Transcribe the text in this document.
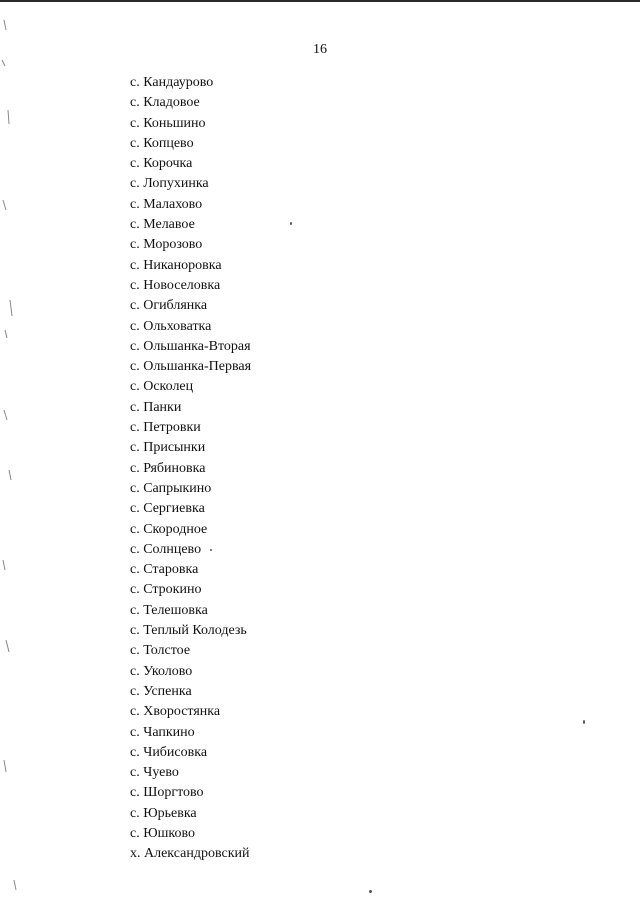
16
с. Кандаурово
с. Кладовое
с. Коньшино
с. Копцево
с. Корочка
с. Лопухинка
с. Малахово
с. Мелавое
с. Морозово
с. Никаноровка
с. Новоселовка
с. Огиблянка
с. Ольховатка
с. Ольшанка-Вторая
с. Ольшанка-Первая
с. Осколец
с. Панки
с. Петровки
с. Присынки
с. Рябиновка
с. Сапрыкино
с. Сергиевка
с. Скородное
с. Солнцево
с. Старовка
с. Строкино
с. Телешовка
с. Теплый Колодезь
с. Толстое
с. Уколово
с. Успенка
с. Хворостянка
с. Чапкино
с. Чибисовка
с. Чуево
с. Шоргтово
с. Юрьевка
с. Юшково
х. Александровский
